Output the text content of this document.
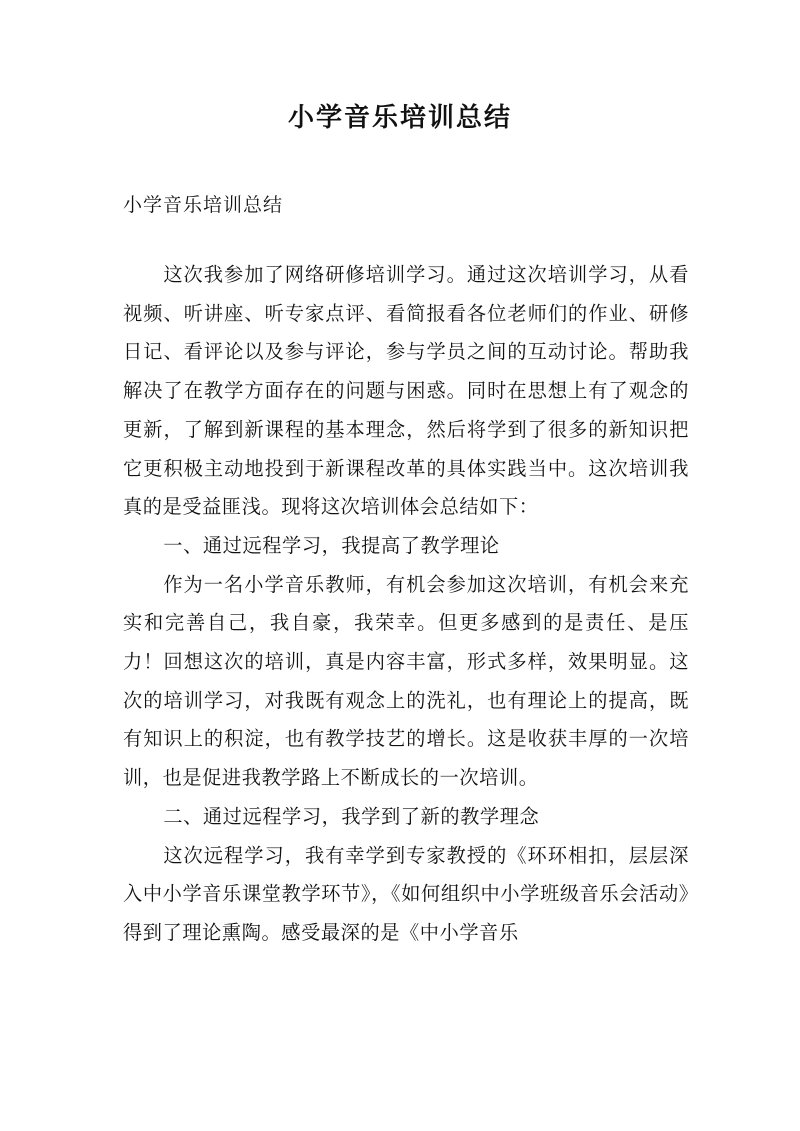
小学音乐培训总结
小学音乐培训总结

这次我参加了网络研修培训学习。通过这次培训学习，从看视频、听讲座、听专家点评、看简报看各位老师们的作业、研修日记、看评论以及参与评论，参与学员之间的互动讨论。帮助我解决了在教学方面存在的问题与困惑。同时在思想上有了观念的更新，了解到新课程的基本理念，然后将学到了很多的新知识把它更积极主动地投到于新课程改革的具体实践当中。这次培训我真的是受益匪浅。现将这次培训体会总结如下：

一、通过远程学习，我提高了教学理论

作为一名小学音乐教师，有机会参加这次培训，有机会来充实和完善自己，我自豪，我荣幸。但更多感到的是责任、是压力！回想这次的培训，真是内容丰富，形式多样，效果明显。这次的培训学习，对我既有观念上的洗礼，也有理论上的提高，既有知识上的积淀，也有教学技艺的增长。这是收获丰厚的一次培训，也是促进我教学路上不断成长的一次培训。

二、通过远程学习，我学到了新的教学理念

这次远程学习，我有幸学到专家教授的《环环相扣，层层深入中小学音乐课堂教学环节》，《如何组织中小学班级音乐会活动》得到了理论熏陶。感受最深的是《中小学音乐
